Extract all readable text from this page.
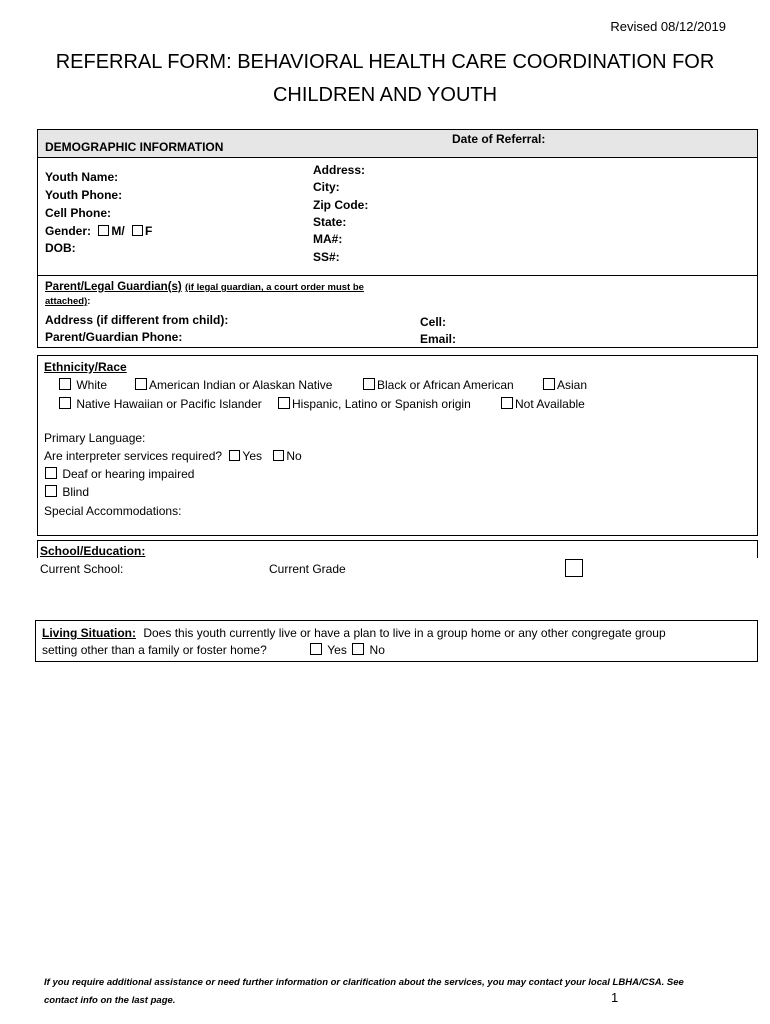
Revised 08/12/2019
REFERRAL FORM: BEHAVIORAL HEALTH CARE COORDINATION FOR
CHILDREN AND YOUTH
DEMOGRAPHIC INFORMATION
Date of Referral:
Youth Name:
Youth Phone:
Cell Phone:
Gender: M/ F
DOB:
Address:
City:
Zip Code:
State:
MA#:
SS#:
Parent/Legal Guardian(s) (if legal guardian, a court order must be
attached):
Address (if different from child):
Parent/Guardian Phone:
Cell:
Email:
Ethnicity/Race
White	American Indian or Alaskan Native	Black or African American	Asian
Native Hawaiian or Pacific Islander	Hispanic, Latino or Spanish origin	Not Available
Primary Language:
Are interpreter services required? Yes No
Deaf or hearing impaired
Blind
Special Accommodations:
School/Education:
Current School:	Current Grade
Living Situation: Does this youth currently live or have a plan to live in a group home or any other congregate group
setting other than a family or foster home?	Yes No
If you require additional assistance or need further information or clarification about the services, you may contact your local LBHA/CSA. See
contact info on the last page.	1
